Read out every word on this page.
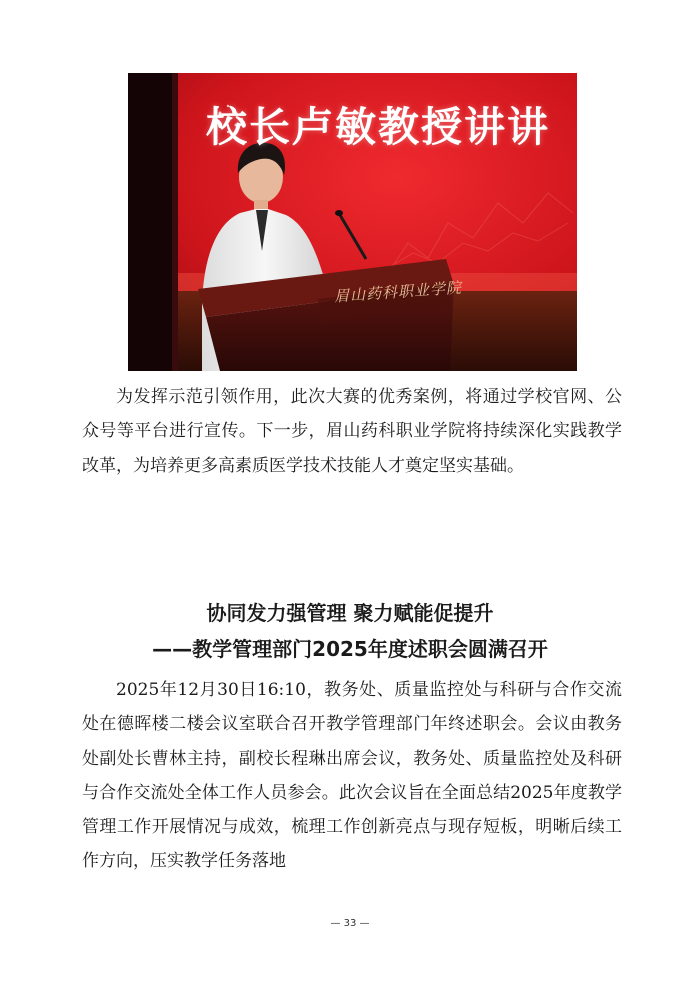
校长卢敏教授讲讲
眉山药科职业学院

为发挥示范引领作用，此次大赛的优秀案例，将通过学校官网、公众号等平台进行宣传。下一步，眉山药科职业学院将持续深化实践教学改革，为培养更多高素质医学技术技能人才奠定坚实基础。

协同发力强管理 聚力赋能促提升
——教学管理部门2025年度述职会圆满召开

2025年12月30日16:10，教务处、质量监控处与科研与合作交流处在德晖楼二楼会议室联合召开教学管理部门年终述职会。会议由教务处副处长曹林主持，副校长程琳出席会议，教务处、质量监控处及科研与合作交流处全体工作人员参会。此次会议旨在全面总结2025年度教学管理工作开展情况与成效，梳理工作创新亮点与现存短板，明晰后续工作方向，压实教学任务落地

— 33 —
